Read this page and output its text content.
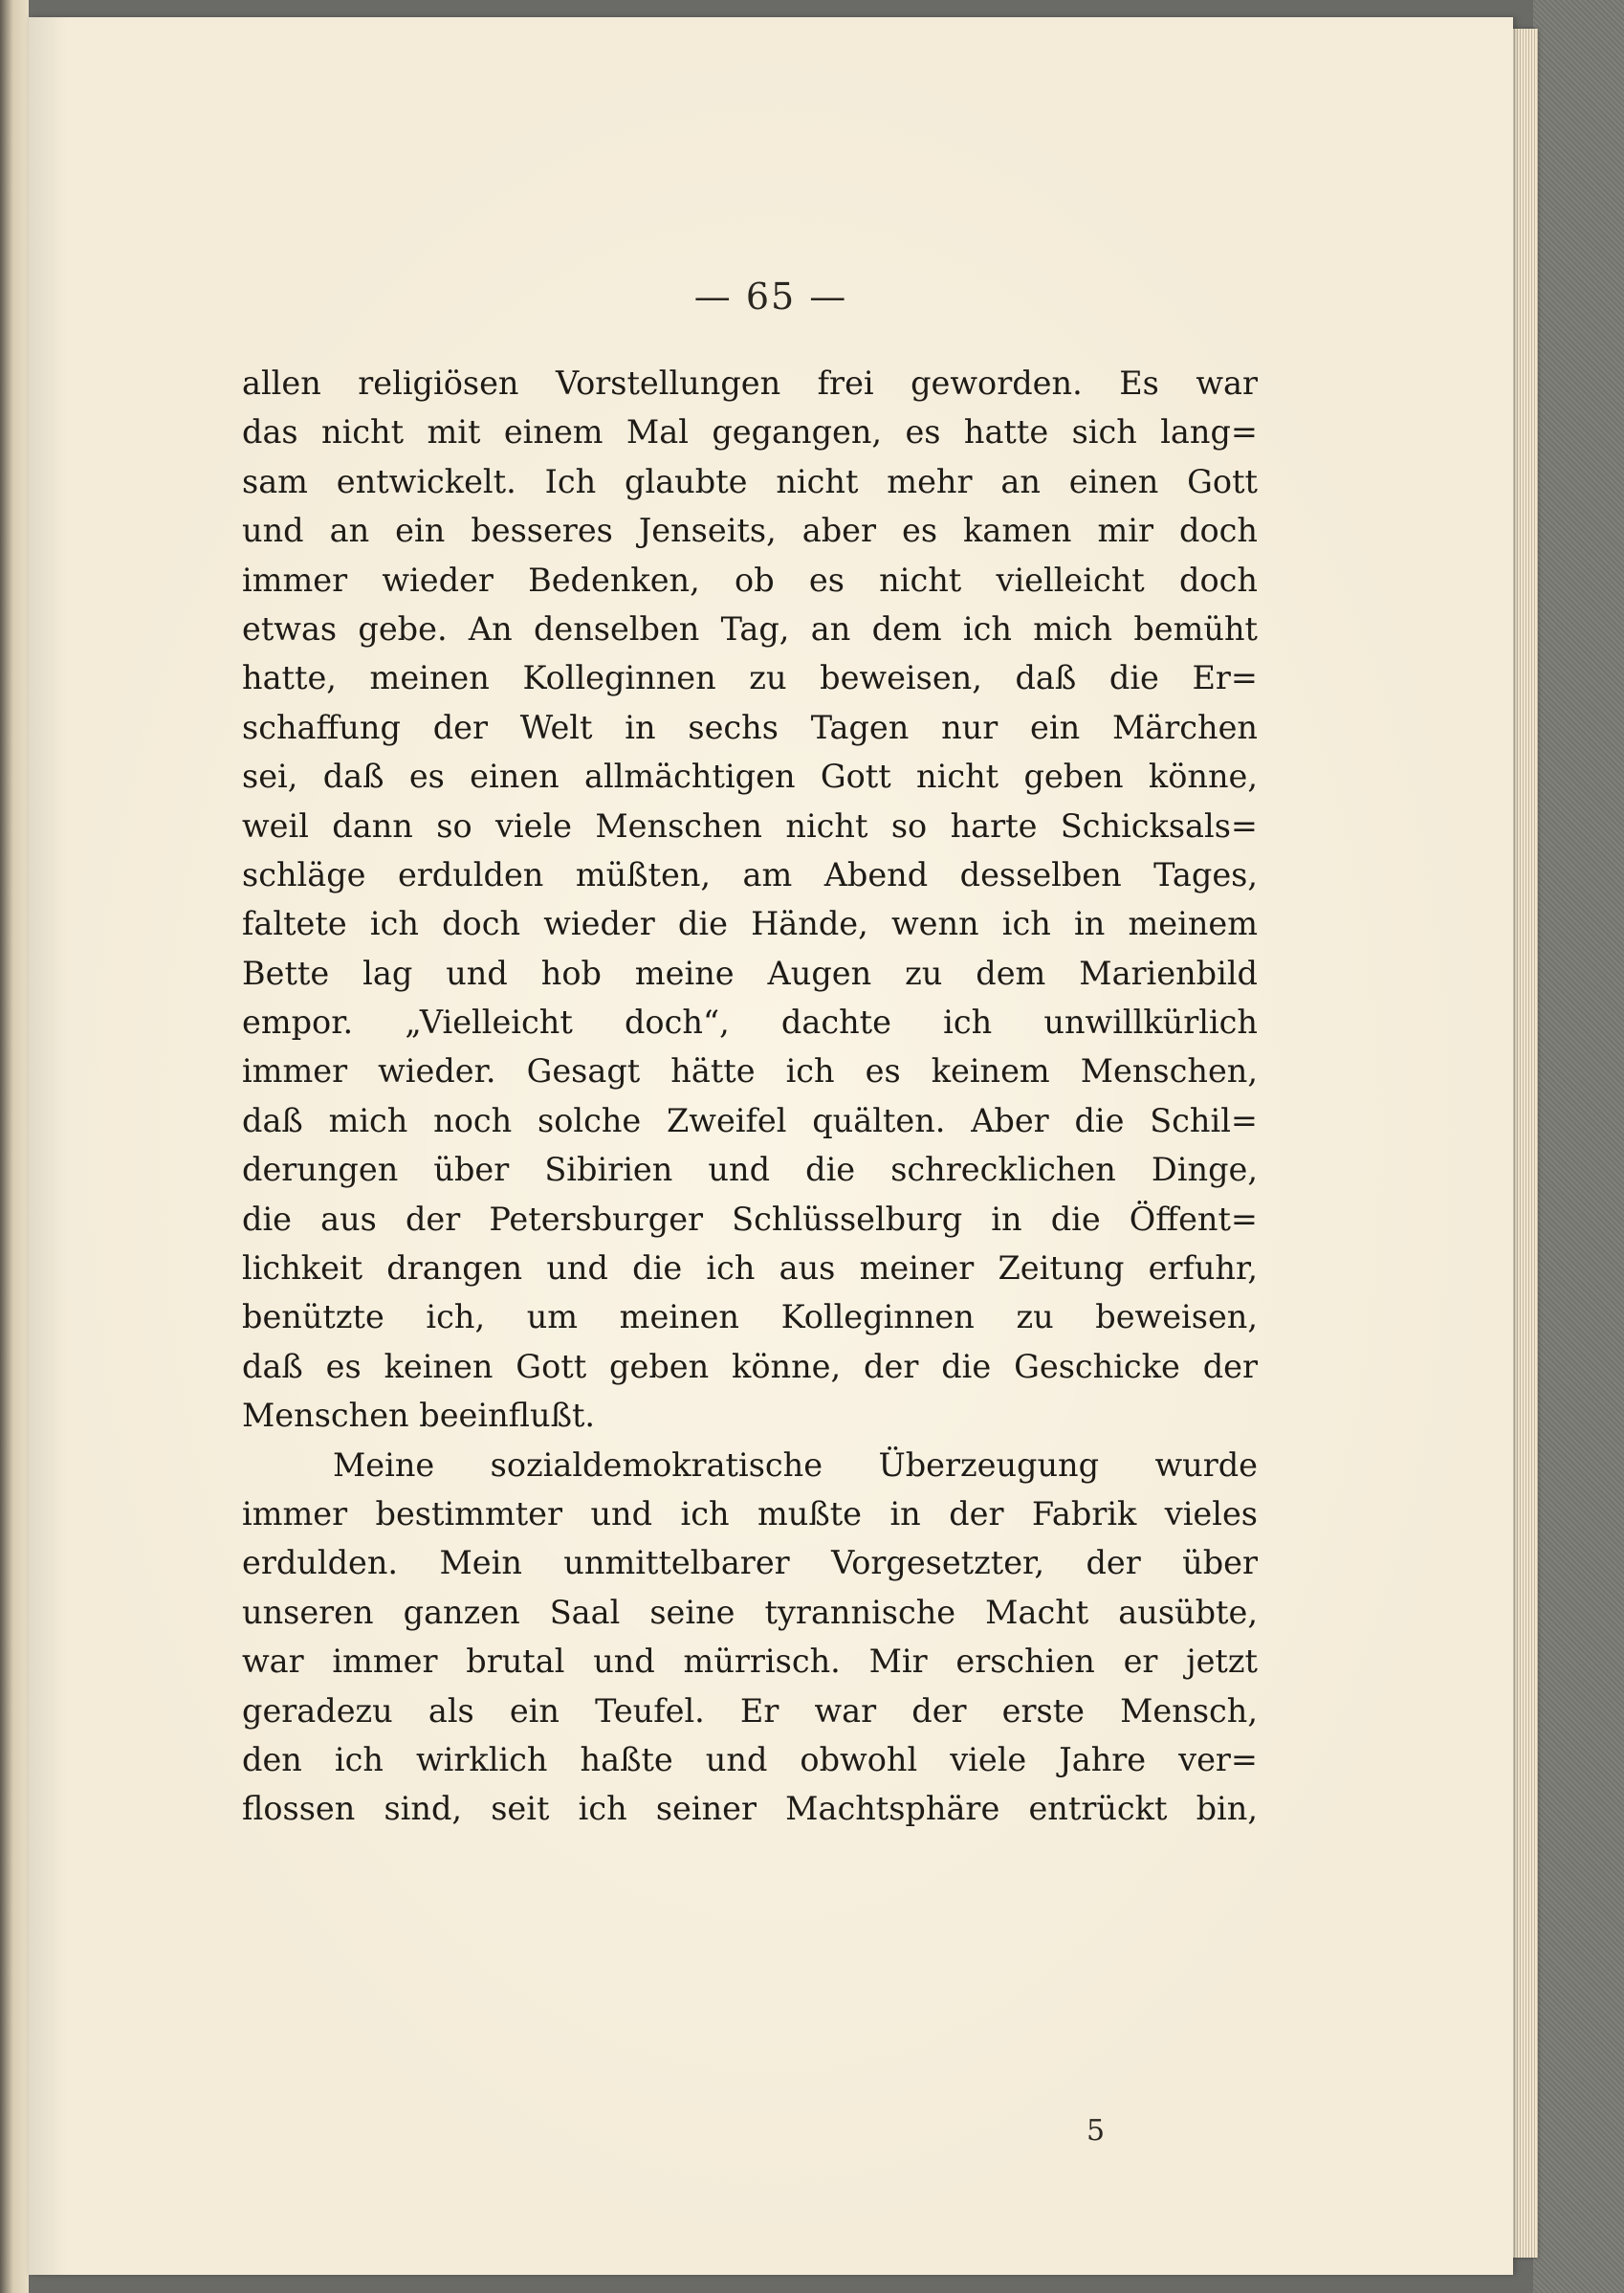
— 65 —
allen religiösen Vorstellungen frei geworden. Es war
das nicht mit einem Mal gegangen, es hatte sich lang=
sam entwickelt. Ich glaubte nicht mehr an einen Gott
und an ein besseres Jenseits, aber es kamen mir doch
immer wieder Bedenken, ob es nicht vielleicht doch
etwas gebe. An denselben Tag, an dem ich mich bemüht
hatte, meinen Kolleginnen zu beweisen, daß die Er=
schaffung der Welt in sechs Tagen nur ein Märchen
sei, daß es einen allmächtigen Gott nicht geben könne,
weil dann so viele Menschen nicht so harte Schicksals=
schläge erdulden müßten, am Abend desselben Tages,
faltete ich doch wieder die Hände, wenn ich in meinem
Bette lag und hob meine Augen zu dem Marienbild
empor. „Vielleicht doch“, dachte ich unwillkürlich
immer wieder. Gesagt hätte ich es keinem Menschen,
daß mich noch solche Zweifel quälten. Aber die Schil=
derungen über Sibirien und die schrecklichen Dinge,
die aus der Petersburger Schlüsselburg in die Öffent=
lichkeit drangen und die ich aus meiner Zeitung erfuhr,
benützte ich, um meinen Kolleginnen zu beweisen,
daß es keinen Gott geben könne, der die Geschicke der
Menschen beeinflußt.
Meine sozialdemokratische Überzeugung wurde
immer bestimmter und ich mußte in der Fabrik vieles
erdulden. Mein unmittelbarer Vorgesetzter, der über
unseren ganzen Saal seine tyrannische Macht ausübte,
war immer brutal und mürrisch. Mir erschien er jetzt
geradezu als ein Teufel. Er war der erste Mensch,
den ich wirklich haßte und obwohl viele Jahre ver=
flossen sind, seit ich seiner Machtsphäre entrückt bin,
5
